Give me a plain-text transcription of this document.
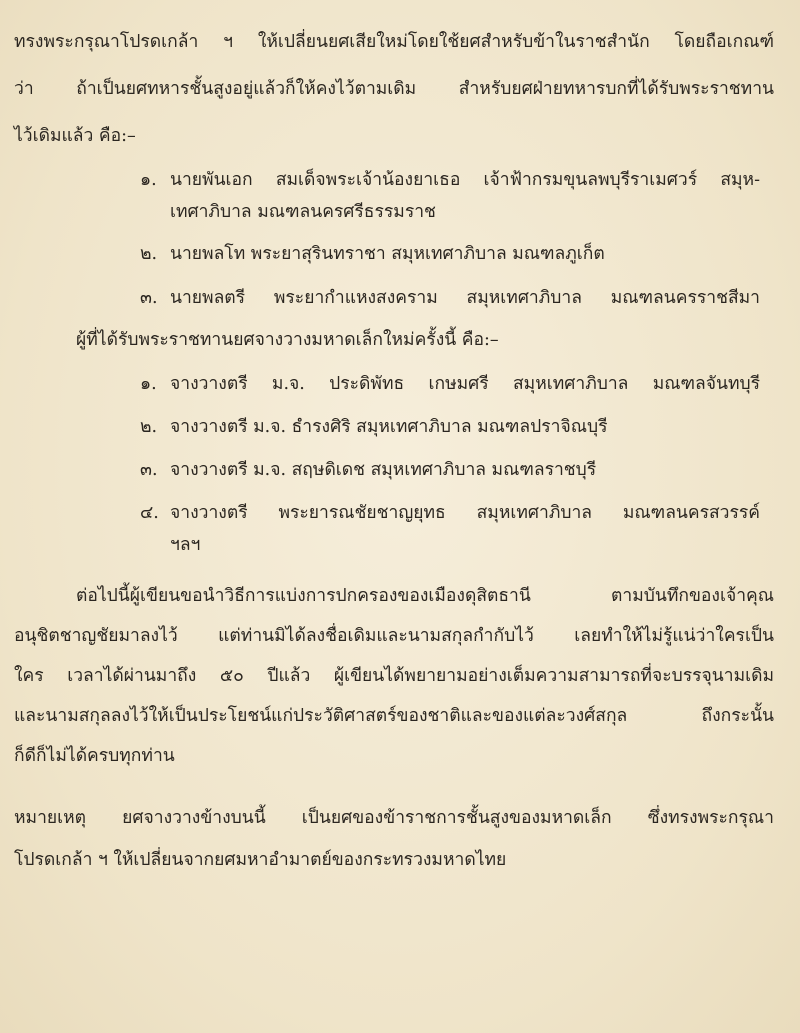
ทรงพระกรุณาโปรดเกล้า ฯ ให้เปลี่ยนยศเสียใหม่โดยใช้ยศสำหรับข้าในราชสำนัก โดยถือเกณฑ์
ว่า ถ้าเป็นยศทหารชั้นสูงอยู่แล้วก็ให้คงไว้ตามเดิม สำหรับยศฝ่ายทหารบกที่ได้รับพระราชทาน
ไว้เดิมแล้ว คือ:–
๑. นายพันเอก สมเด็จพระเจ้าน้องยาเธอ เจ้าฟ้ากรมขุนลพบุรีราเมศวร์ สมุห-
เทศาภิบาล มณฑลนครศรีธรรมราช
๒. นายพลโท พระยาสุรินทราชา สมุหเทศาภิบาล มณฑลภูเก็ต
๓. นายพลตรี พระยากำแหงสงคราม สมุหเทศาภิบาล มณฑลนครราชสีมา
ผู้ที่ได้รับพระราชทานยศจางวางมหาดเล็กใหม่ครั้งนี้ คือ:–
๑. จางวางตรี ม.จ. ประดิพัทธ เกษมศรี สมุหเทศาภิบาล มณฑลจันทบุรี
๒. จางวางตรี ม.จ. ธำรงศิริ สมุหเทศาภิบาล มณฑลปราจิณบุรี
๓. จางวางตรี ม.จ. สฤษดิเดช สมุหเทศาภิบาล มณฑลราชบุรี
๔. จางวางตรี พระยารณชัยชาญยุทธ สมุหเทศาภิบาล มณฑลนครสวรรค์
ฯลฯ
ต่อไปนี้ผู้เขียนขอนำวิธีการแบ่งการปกครองของเมืองดุสิตธานี ตามบันทึกของเจ้าคุณ
อนุชิตชาญชัยมาลงไว้ แต่ท่านมิได้ลงชื่อเดิมและนามสกุลกำกับไว้ เลยทำให้ไม่รู้แน่ว่าใครเป็น
ใคร เวลาได้ผ่านมาถึง ๕๐ ปีแล้ว ผู้เขียนได้พยายามอย่างเต็มความสามารถที่จะบรรจุนามเดิม
และนามสกุลลงไว้ให้เป็นประโยชน์แก่ประวัติศาสตร์ของชาติและของแต่ละวงศ์สกุล ถึงกระนั้น
ก็ดีก็ไม่ได้ครบทุกท่าน
หมายเหตุ ยศจางวางข้างบนนี้ เป็นยศของข้าราชการชั้นสูงของมหาดเล็ก ซึ่งทรงพระกรุณา
โปรดเกล้า ฯ ให้เปลี่ยนจากยศมหาอำมาตย์ของกระทรวงมหาดไทย
